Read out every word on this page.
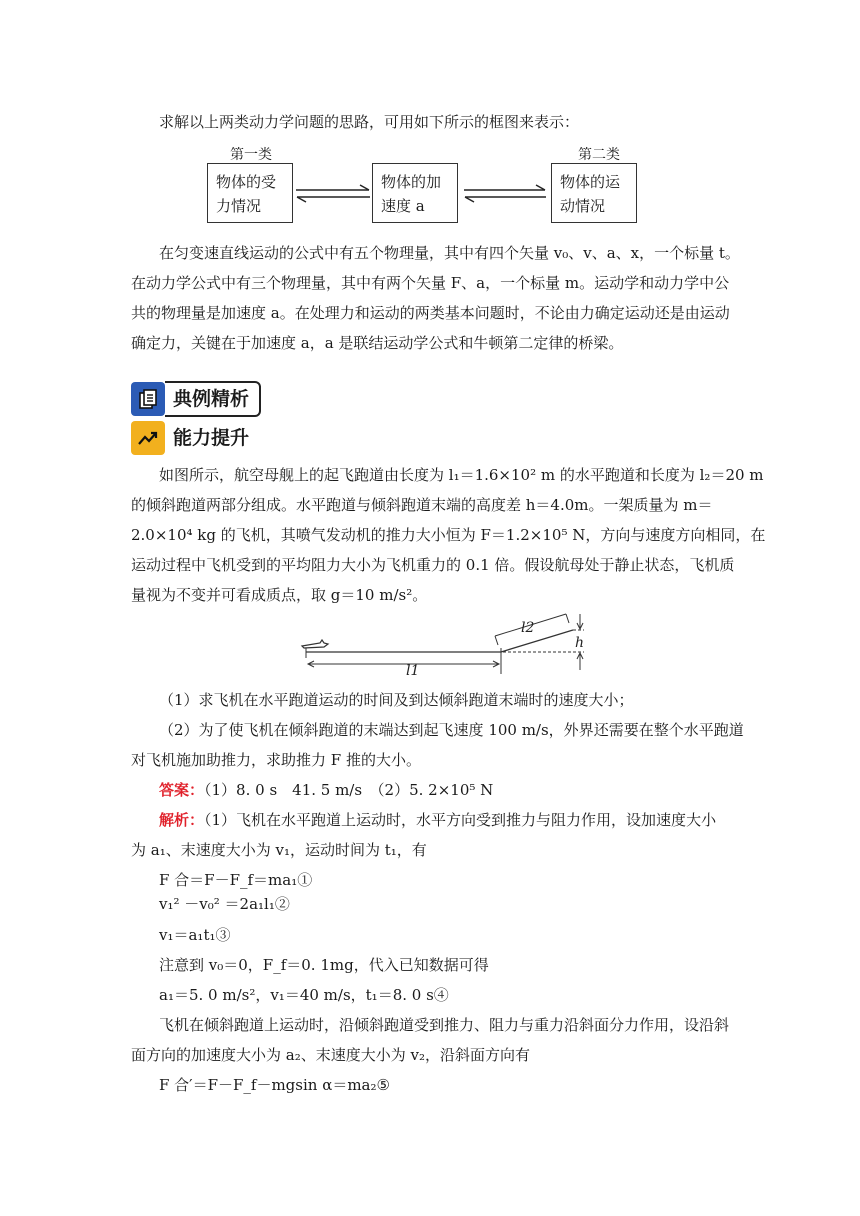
求解以上两类动力学问题的思路，可用如下所示的框图来表示：
第一类	第二类
物体的受力情况
物体的加速度 a
物体的运动情况
在匀变速直线运动的公式中有五个物理量，其中有四个矢量 v₀、v、a、x，一个标量 t。
在动力学公式中有三个物理量，其中有两个矢量 F、a，一个标量 m。运动学和动力学中公
共的物理量是加速度 a。在处理力和运动的两类基本问题时，不论由力确定运动还是由运动
确定力，关键在于加速度 a，a 是联结运动学公式和牛顿第二定律的桥梁。
典例精析
能力提升
如图所示，航空母舰上的起飞跑道由长度为 l₁＝1.6×10² m 的水平跑道和长度为 l₂＝20 m
的倾斜跑道两部分组成。水平跑道与倾斜跑道末端的高度差 h＝4.0m。一架质量为 m＝
2.0×10⁴ kg 的飞机，其喷气发动机的推力大小恒为 F＝1.2×10⁵ N，方向与速度方向相同，在
运动过程中飞机受到的平均阻力大小为飞机重力的 0.1 倍。假设航母处于静止状态，飞机质
量视为不变并可看成质点，取 g＝10 m/s²。
l2
l1
h
（1）求飞机在水平跑道运动的时间及到达倾斜跑道末端时的速度大小；
（2）为了使飞机在倾斜跑道的末端达到起飞速度 100 m/s，外界还需要在整个水平跑道
对飞机施加助推力，求助推力 F 推的大小。
答案：（1）8. 0 s　41. 5 m/s　（2）5. 2×10⁵ N
解析：（1）飞机在水平跑道上运动时，水平方向受到推力与阻力作用，设加速度大小
为 a₁、末速度大小为 v₁，运动时间为 t₁，有
F 合＝F－F_f＝ma₁①
v₁² －v₀² ＝2a₁l₁②
v₁＝a₁t₁③
注意到 v₀＝0，F_f＝0. 1mg，代入已知数据可得
a₁＝5. 0 m/s²，v₁＝40 m/s，t₁＝8. 0 s④
飞机在倾斜跑道上运动时，沿倾斜跑道受到推力、阻力与重力沿斜面分力作用，设沿斜
面方向的加速度大小为 a₂、末速度大小为 v₂，沿斜面方向有
F 合′＝F－F_f－mgsin α＝ma₂⑤
